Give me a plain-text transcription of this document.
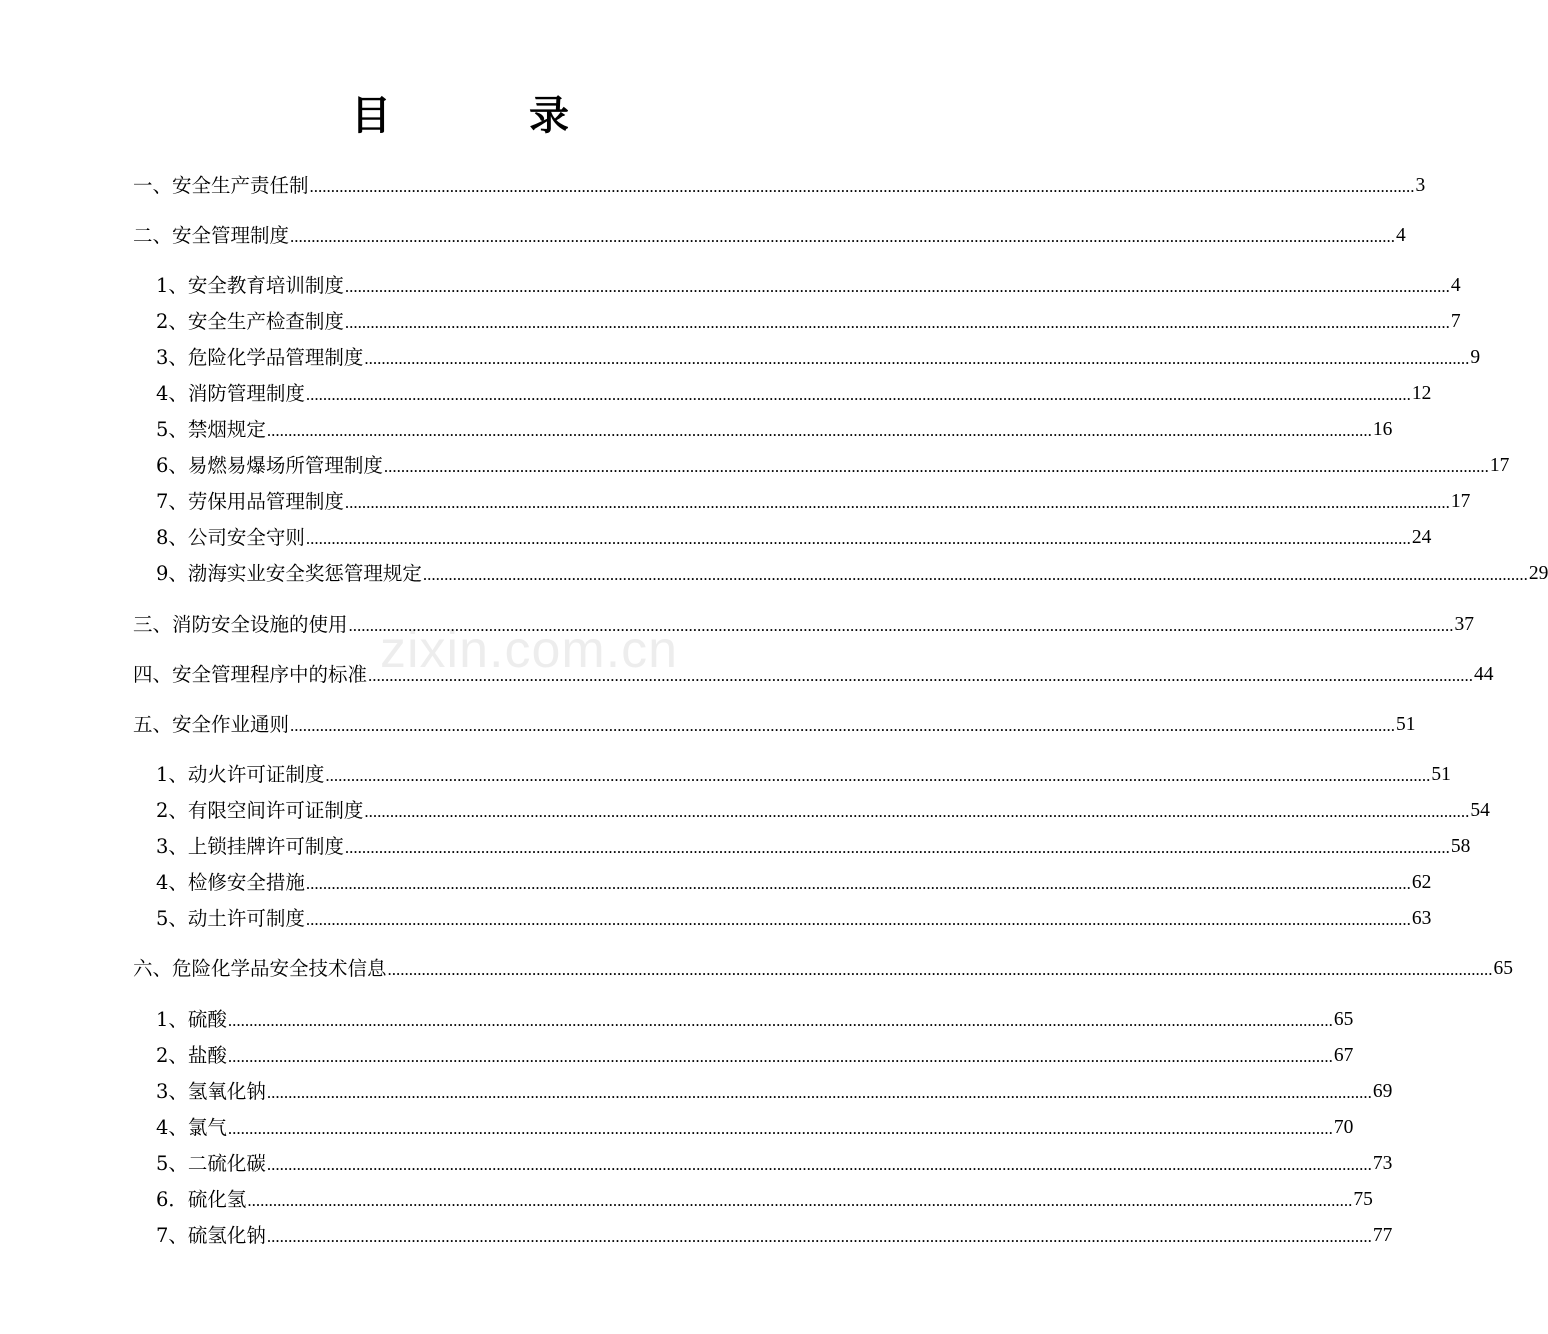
目 录
zixin.com.cn
一、安全生产责任制 .................................................................................................................................................................................................................................................................... 3
二、安全管理制度 .................................................................................................................................................................................................................................................................... 4
1、安全教育培训制度 .................................................................................................................................................................................................................................................................... 4
2、安全生产检查制度 .................................................................................................................................................................................................................................................................... 7
3、危险化学品管理制度 .................................................................................................................................................................................................................................................................... 9
4、消防管理制度 .................................................................................................................................................................................................................................................................... 12
5、禁烟规定 .................................................................................................................................................................................................................................................................... 16
6、易燃易爆场所管理制度 .................................................................................................................................................................................................................................................................... 17
7、劳保用品管理制度 .................................................................................................................................................................................................................................................................... 17
8、公司安全守则 .................................................................................................................................................................................................................................................................... 24
9、渤海实业安全奖惩管理规定 .................................................................................................................................................................................................................................................................... 29
三、消防安全设施的使用 .................................................................................................................................................................................................................................................................... 37
四、安全管理程序中的标准 .................................................................................................................................................................................................................................................................... 44
五、安全作业通则 .................................................................................................................................................................................................................................................................... 51
1、动火许可证制度 .................................................................................................................................................................................................................................................................... 51
2、有限空间许可证制度 .................................................................................................................................................................................................................................................................... 54
3、上锁挂牌许可制度 .................................................................................................................................................................................................................................................................... 58
4、检修安全措施 .................................................................................................................................................................................................................................................................... 62
5、动土许可制度 .................................................................................................................................................................................................................................................................... 63
六、危险化学品安全技术信息 .................................................................................................................................................................................................................................................................... 65
1、硫酸 .................................................................................................................................................................................................................................................................... 65
2、盐酸 .................................................................................................................................................................................................................................................................... 67
3、氢氧化钠 .................................................................................................................................................................................................................................................................... 69
4、氯气 .................................................................................................................................................................................................................................................................... 70
5、二硫化碳 .................................................................................................................................................................................................................................................................... 73
6．硫化氢 .................................................................................................................................................................................................................................................................... 75
7、硫氢化钠 .................................................................................................................................................................................................................................................................... 77
